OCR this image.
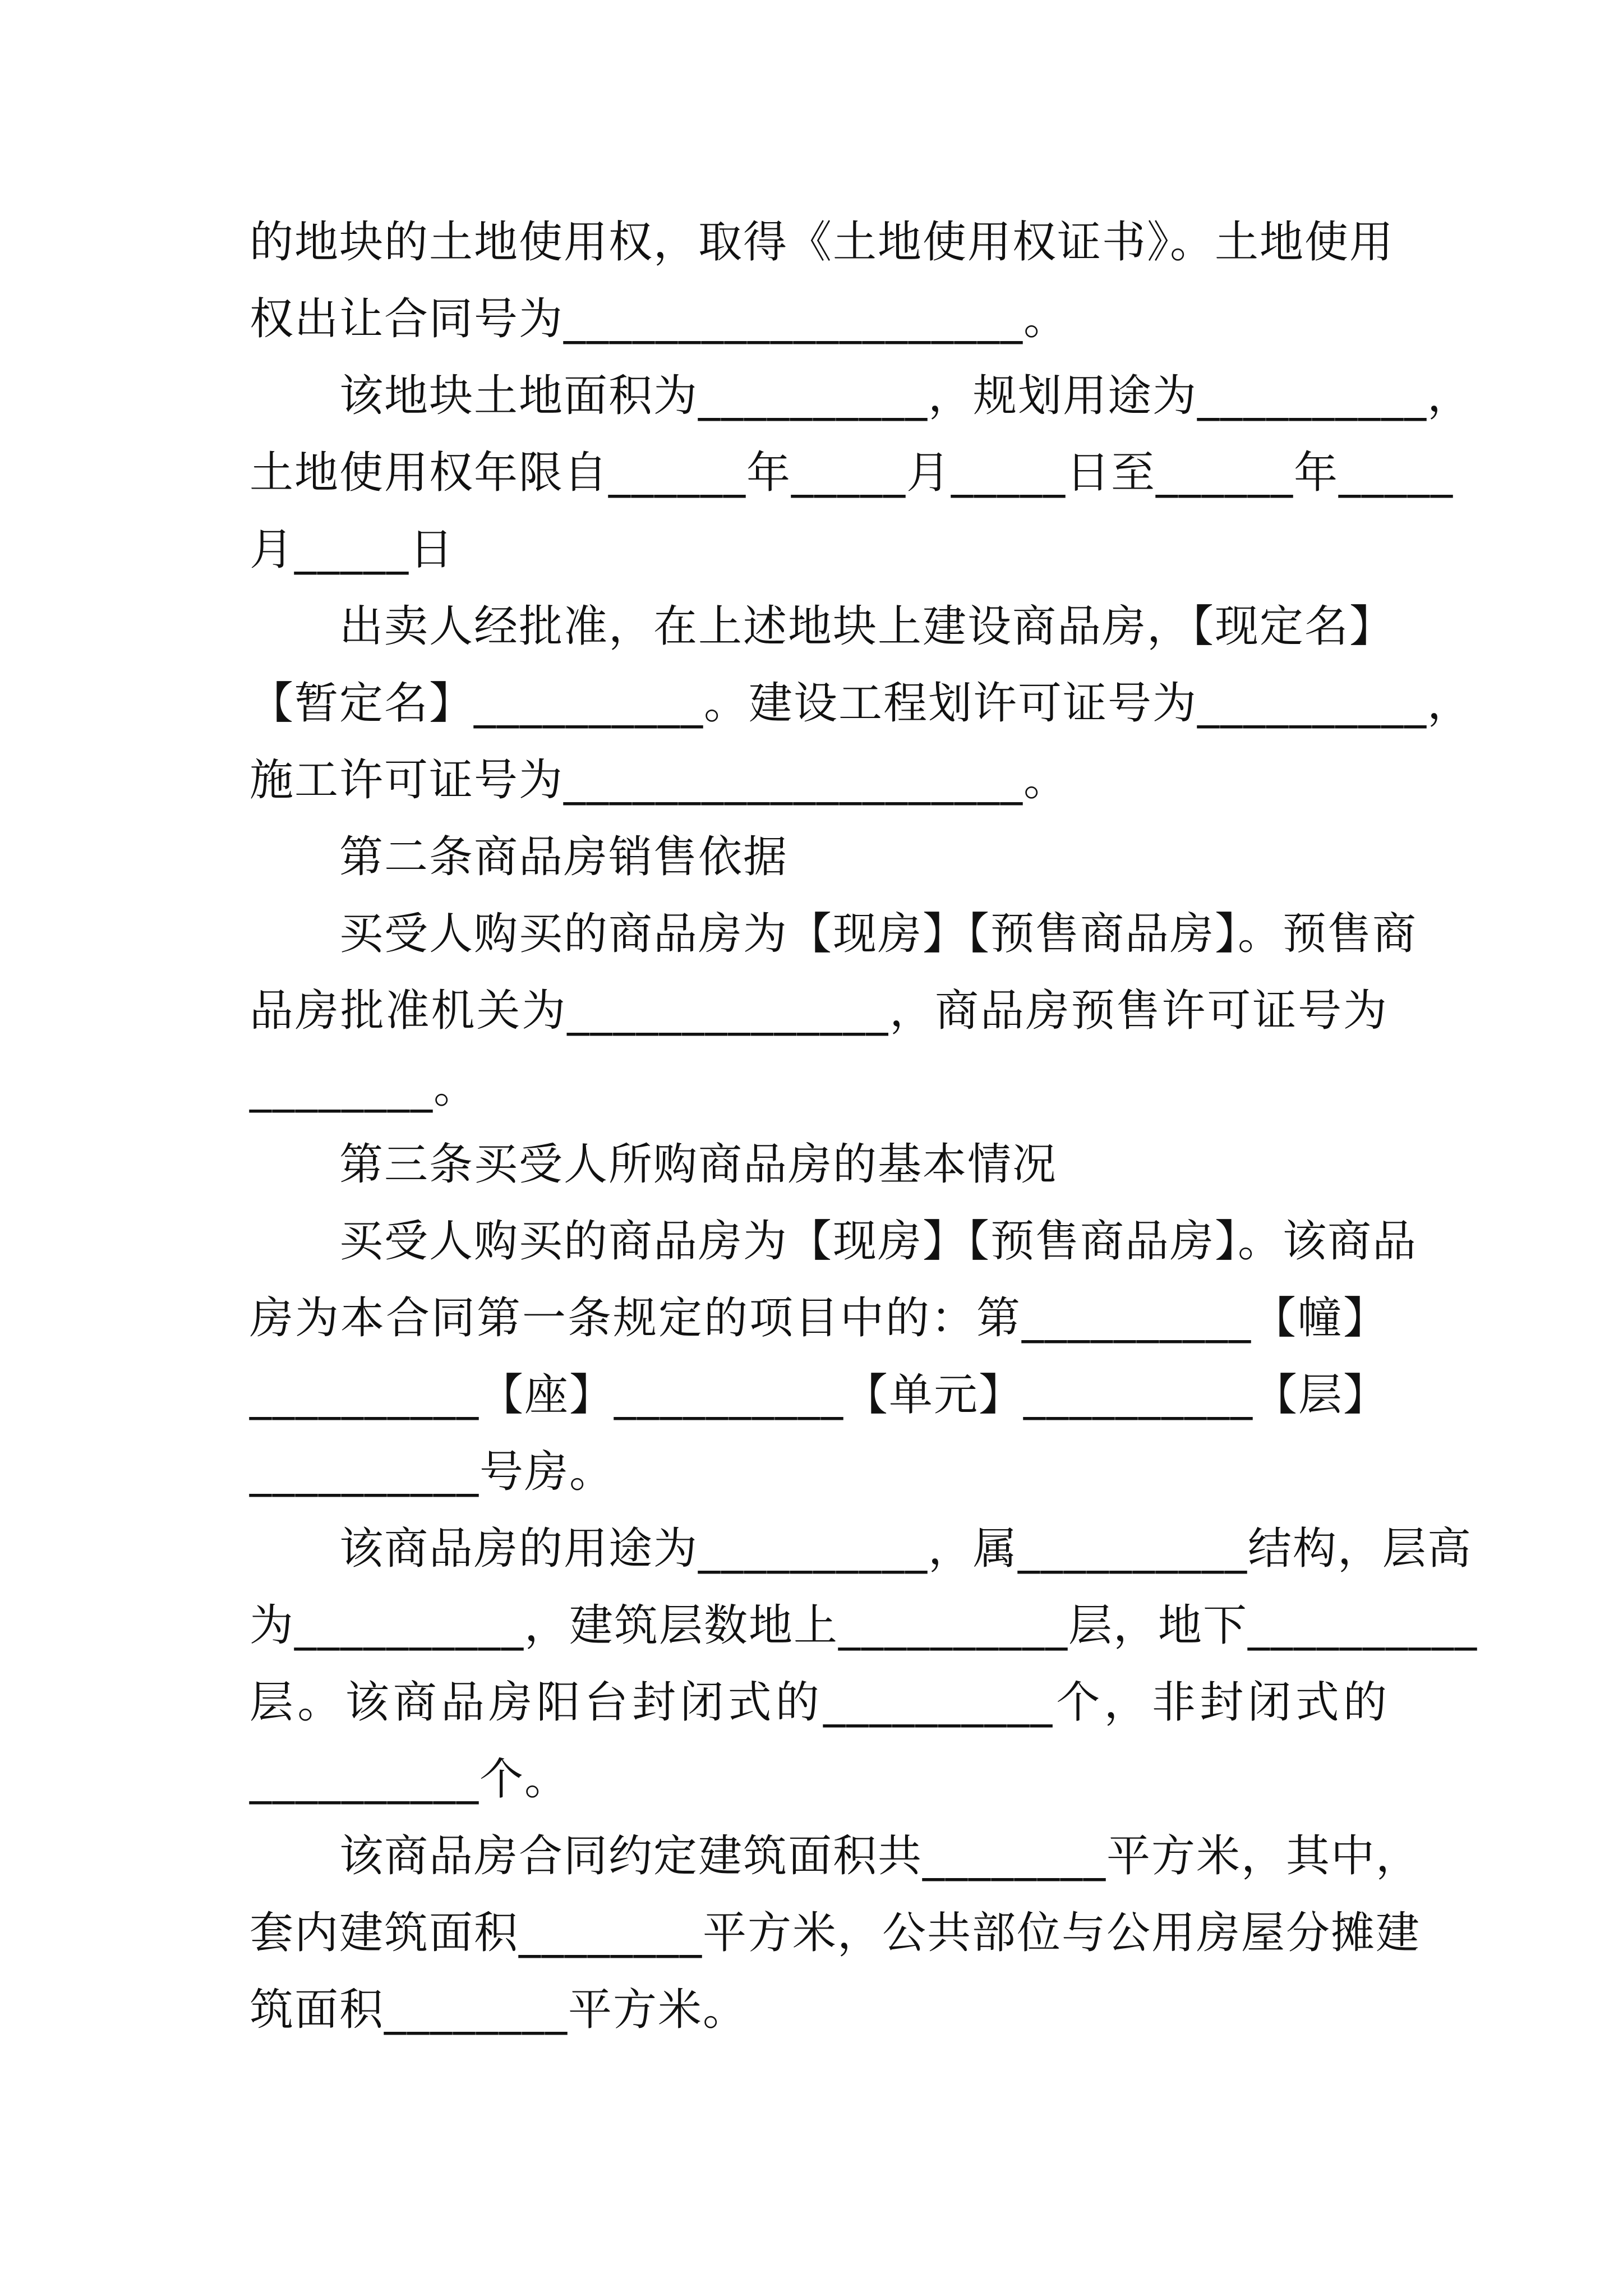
的地块的土地使用权，取得《土地使用权证书》。土地使用
权出让合同号为____________________。
该地块土地面积为__________，规划用途为__________，
土地使用权年限自______年_____月_____日至______年_____
月_____日
出卖人经批准，在上述地块上建设商品房，【现定名】
【暂定名】__________。建设工程划许可证号为__________，
施工许可证号为____________________。
第二条商品房销售依据
买受人购买的商品房为【现房】【预售商品房】。预售商
品房批准机关为______________，商品房预售许可证号为
________。
第三条买受人所购商品房的基本情况
买受人购买的商品房为【现房】【预售商品房】。该商品
房为本合同第一条规定的项目中的：第__________【幢】
__________【座】__________【单元】__________【层】
__________号房。
该商品房的用途为__________，属__________结构，层高
为__________，建筑层数地上__________层，地下__________
层。该商品房阳台封闭式的__________个，非封闭式的
__________个。
该商品房合同约定建筑面积共________平方米，其中，
套内建筑面积________平方米，公共部位与公用房屋分摊建
筑面积________平方米。
